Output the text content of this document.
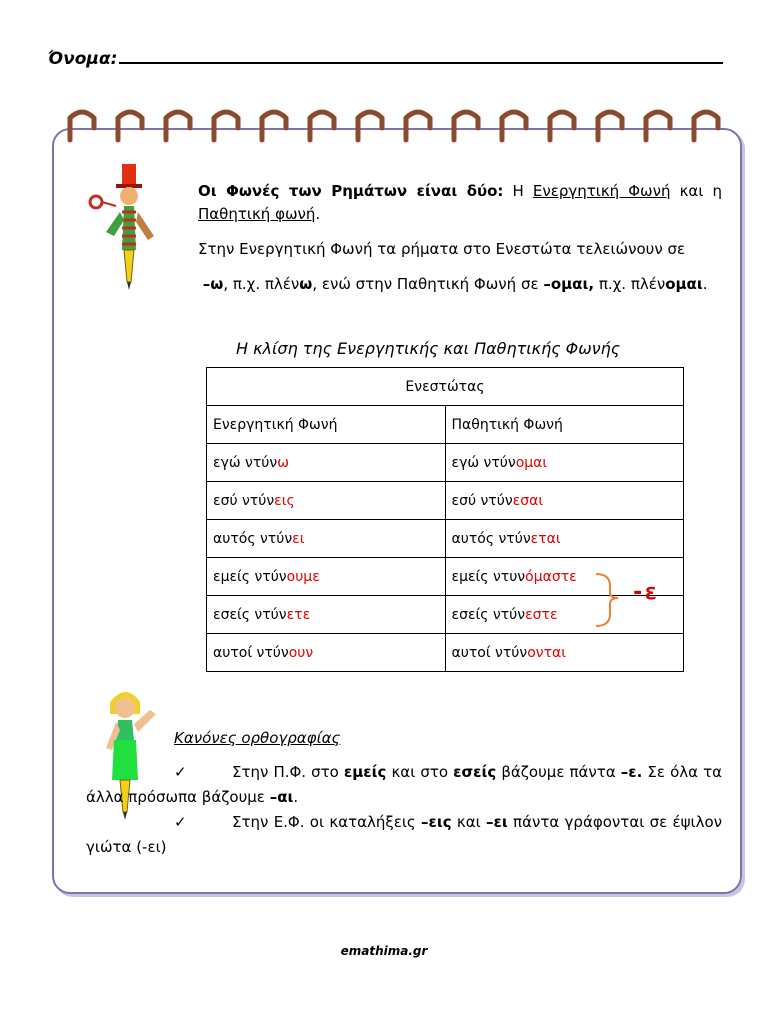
Όνομα:

Οι Φωνές των Ρημάτων είναι δύο: Η Ενεργητική Φωνή και η Παθητική φωνή.

Στην Ενεργητική Φωνή τα ρήματα στο Ενεστώτα τελειώνουν σε

–ω, π.χ. πλένω, ενώ στην Παθητική Φωνή σε –ομαι, π.χ. πλένομαι.

Η κλίση της Ενεργητικής και Παθητικής Φωνής
Ενεστώτας	
Ενεργητική Φωνή	Παθητική Φωνή
εγώ ντύνω	εγώ ντύνομαι
εσύ ντύνεις	εσύ ντύνεσαι
αυτός ντύνει	αυτός ντύνεται
εμείς ντύνουμε	εμείς ντυνόμαστε
εσείς ντύνετε	εσείς ντύνεστε
αυτοί ντύνουν	αυτοί ντύνονται
-ε
Κανόνες ορθογραφίας
✓	Στην Π.Φ. στο εμείς και στο εσείς βάζουμε πάντα –ε. Σε όλα τα άλλα πρόσωπα βάζουμε –αι.
✓	Στην Ε.Φ. οι καταλήξεις –εις και –ει πάντα γράφονται σε έψιλον γιώτα (-ει)
emathima.gr
